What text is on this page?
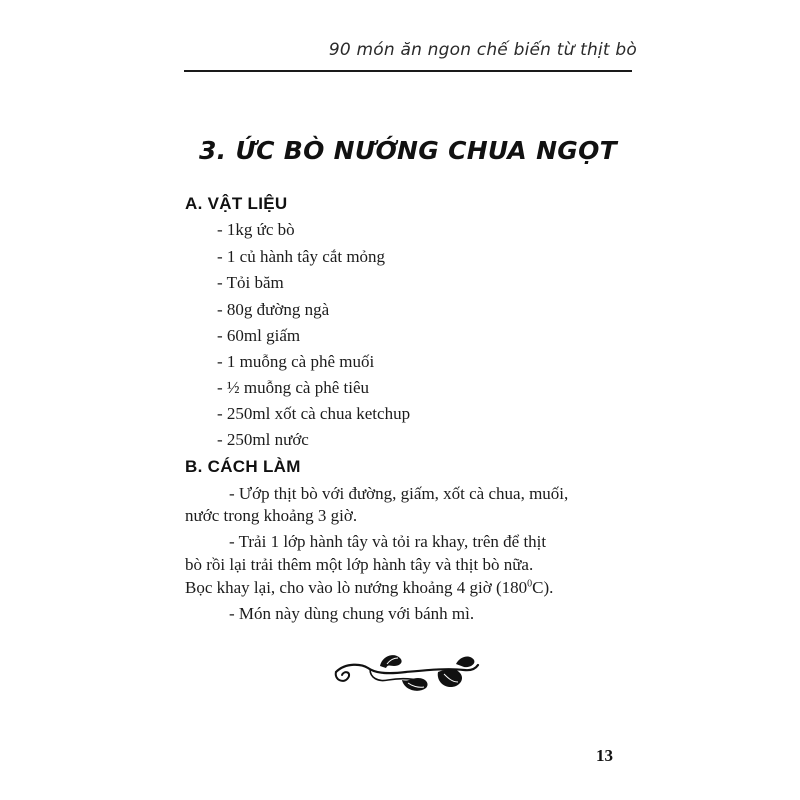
90 món ăn ngon chế biến từ thịt bò
3. ỨC BÒ NƯỚNG CHUA NGỌT
A. VẬT LIỆU
- 1kg ức bò
- 1 củ hành tây cắt mỏng
- Tỏi băm
- 80g đường ngà
- 60ml giấm
- 1 muỗng cà phê muối
- ½ muỗng cà phê tiêu
- 250ml xốt cà chua ketchup
- 250ml nước
B. CÁCH LÀM
- Ướp thịt bò với đường, giấm, xốt cà chua, muối,
nước trong khoảng 3 giờ.
- Trải 1 lớp hành tây và tỏi ra khay, trên để thịt
bò rồi lại trải thêm một lớp hành tây và thịt bò nữa.
Bọc khay lại, cho vào lò nướng khoảng 4 giờ $(180^0C)$.
- Món này dùng chung với bánh mì.
13
